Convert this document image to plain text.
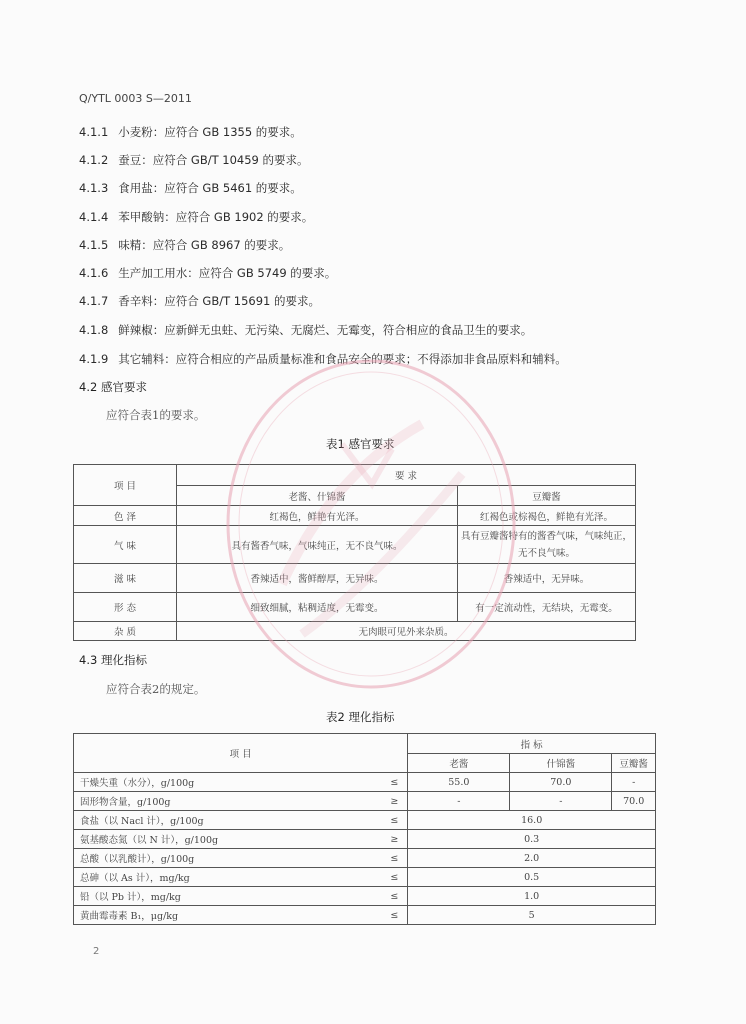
Q/YTL 0003 S—2011
4.1.1 小麦粉：应符合 GB 1355 的要求。
4.1.2 蚕豆：应符合 GB/T 10459 的要求。
4.1.3 食用盐：应符合 GB 5461 的要求。
4.1.4 苯甲酸钠：应符合 GB 1902 的要求。
4.1.5 味精：应符合 GB 8967 的要求。
4.1.6 生产加工用水：应符合 GB 5749 的要求。
4.1.7 香辛料：应符合 GB/T 15691 的要求。
4.1.8 鲜辣椒：应新鲜无虫蛀、无污染、无腐烂、无霉变，符合相应的食品卫生的要求。
4.1.9 其它辅料：应符合相应的产品质量标准和食品安全的要求；不得添加非食品原料和辅料。
4.2 感官要求
应符合表1的要求。
表1 感官要求
项 目	要 求	
	老酱、什锦酱	豆瓣酱
色 泽	红褐色，鲜艳有光泽。	红褐色或棕褐色，鲜艳有光泽。
气 味	具有酱香气味，气味纯正，无不良气味。	具有豆瓣酱特有的酱香气味，气味纯正，无不良气味。
滋 味	香辣适中，酱鲜醇厚，无异味。	香辣适中，无异味。
形 态	细致细腻，粘稠适度，无霉变。	有一定流动性，无结块，无霉变。
杂 质	无肉眼可见外来杂质。	
4.3 理化指标
应符合表2的规定。
表2 理化指标
项 目		指 标		
		老酱	什锦酱	豆瓣酱
干燥失重（水分），g/100g	≤	55.0	70.0	-
固形物含量，g/100g	≥	-	-	70.0
食盐（以 Nacl 计），g/100g	≤	16.0		
氨基酸态氮（以 N 计），g/100g	≥	0.3		
总酸（以乳酸计），g/100g	≤	2.0		
总砷（以 As 计），mg/kg	≤	0.5		
铅（以 Pb 计），mg/kg	≤	1.0		
黄曲霉毒素 B₁，μg/kg	≤	5		
2
